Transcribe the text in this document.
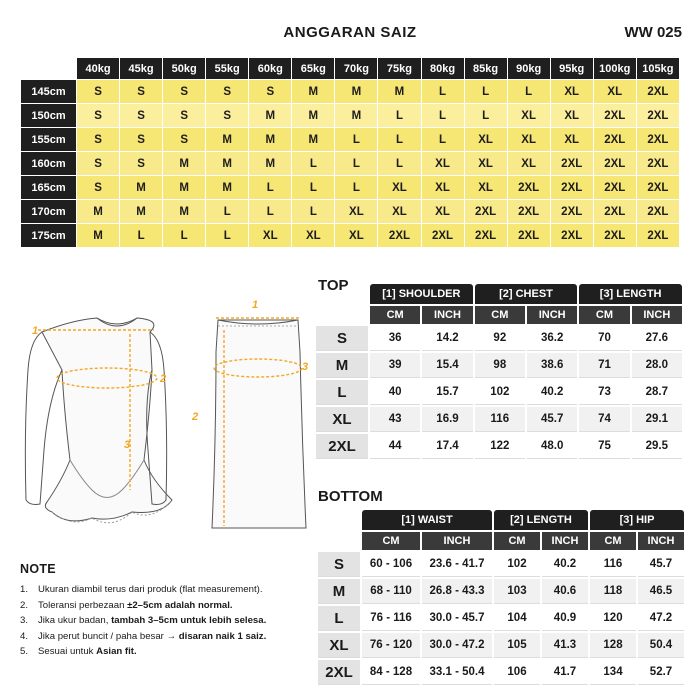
ANGGARAN SAIZ	WW 025
	40kg	45kg	50kg	55kg	60kg	65kg	70kg	75kg	80kg	85kg	90kg	95kg	100kg	105kg
145cm	S	S	S	S	S	M	M	M	L	L	L	XL	XL	2XL
150cm	S	S	S	S	M	M	M	L	L	L	XL	XL	2XL	2XL
155cm	S	S	S	M	M	M	L	L	L	XL	XL	XL	2XL	2XL
160cm	S	S	M	M	M	L	L	L	XL	XL	XL	2XL	2XL	2XL
165cm	S	M	M	M	L	L	L	XL	XL	XL	2XL	2XL	2XL	2XL
170cm	M	M	M	L	L	L	XL	XL	XL	2XL	2XL	2XL	2XL	2XL
175cm	M	L	L	L	XL	XL	XL	2XL	2XL	2XL	2XL	2XL	2XL	2XL
1
2
3
1
2
3
TOP
		[1] SHOULDER		[2] CHEST		[3] LENGTH	
	CM	INCH	CM	INCH	CM	INCH
S	36	14.2	92	36.2	70	27.6
M	39	15.4	98	38.6	71	28.0
L	40	15.7	102	40.2	73	28.7
XL	43	16.9	116	45.7	74	29.1
2XL	44	17.4	122	48.0	75	29.5
BOTTOM
	[1] WAIST		[2] LENGTH		[3] HIP	
	CM	INCH	CM	INCH	CM	INCH
S	60 - 106	23.6 - 41.7	102	40.2	116	45.7
M	68 - 110	26.8 - 43.3	103	40.6	118	46.5
L	76 - 116	30.0 - 45.7	104	40.9	120	47.2
XL	76 - 120	30.0 - 47.2	105	41.3	128	50.4
2XL	84 - 128	33.1 - 50.4	106	41.7	134	52.7
NOTE
1.	Ukuran diambil terus dari produk (flat measurement).
2.	Toleransi perbezaan ±2–5cm adalah normal.
3.	Jika ukur badan, tambah 3–5cm untuk lebih selesa.
4.	Jika perut buncit / paha besar → disaran naik 1 saiz.
5.	Sesuai untuk Asian fit.
